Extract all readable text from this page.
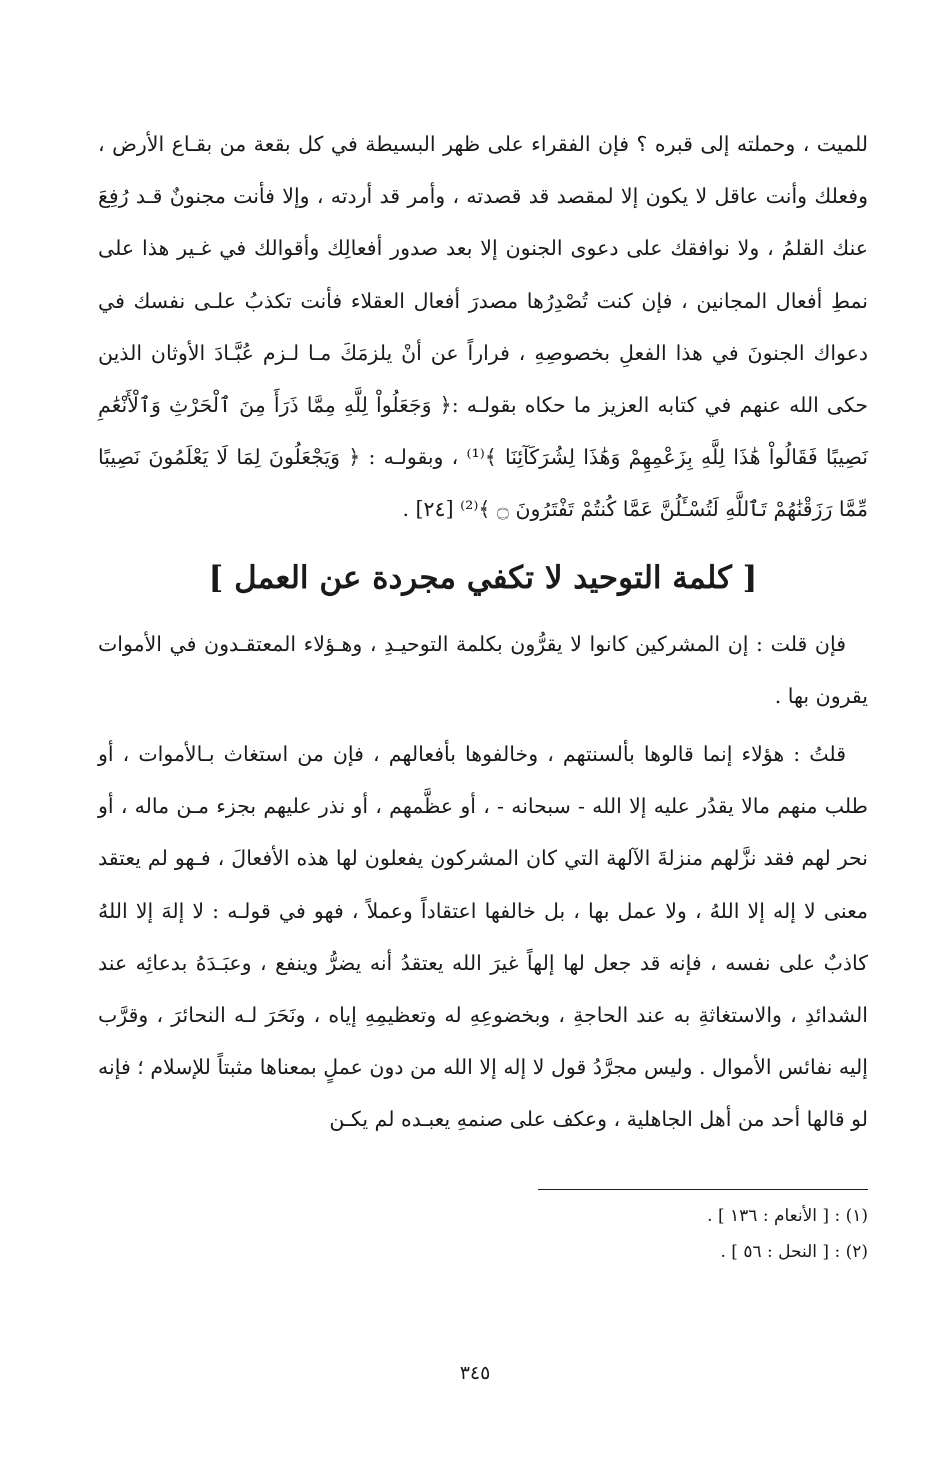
للميت ، وحملته إلى قبره ؟ فإن الفقراء على ظهر البسيطة في كل بقعة من بقـاع الأرض ، وفعلك وأنت عاقل لا يكون إلا لمقصد قد قصدته ، وأمر قد أردته ، وإلا فأنت مجنونٌ قـد رُفِعَ عنك القلمُ ، ولا نوافقك على دعوى الجنون إلا بعد صدور أفعالِك وأقوالك في غـير هذا على نمطِ أفعال المجانين ، فإن كنت تُصْدِرُها مصدرَ أفعال العقلاء فأنت تكذبُ علـى نفسك في دعواك الجنونَ في هذا الفعلِ بخصوصِهِ ، فراراً عن أنْ يلزمَكَ مـا لـزم عُبَّـادَ الأوثان الذين حكى الله عنهم في كتابه العزيز ما حكاه بقولـه :﴿ وَجَعَلُواْ لِلَّهِ مِمَّا ذَرَأَ مِنَ ٱلْحَرْثِ وَٱلْأَنْعَٰمِ نَصِيبًا فَقَالُواْ هَٰذَا لِلَّهِ بِزَعْمِهِمْ وَهَٰذَا لِشُرَكَآئِنَا ﴾⁽¹⁾ ، وبقولـه : ﴿ وَيَجْعَلُونَ لِمَا لَا يَعْلَمُونَ نَصِيبًا مِّمَّا رَزَقْنَٰهُمْ تَٱللَّهِ لَتُسْـَٔلُنَّ عَمَّا كُنتُمْ تَفْتَرُونَ ۝ ﴾⁽²⁾ [٢٤] .

[ كلمة التوحيد لا تكفي مجردة عن العمل ]

فإن قلت : إن المشركين كانوا لا يقرُّون بكلمة التوحيـدِ ، وهـؤلاء المعتقـدون في الأموات يقرون بها .

قلتُ : هؤلاء إنما قالوها بألسنتهم ، وخالفوها بأفعالهم ، فإن من استغاث بـالأموات ، أو طلب منهم مالا يقدُر عليه إلا الله - سبحانه - ، أو عظَّمهم ، أو نذر عليهم بجزء مـن ماله ، أو نحر لهم فقد نزَّلهم منزلةَ الآلهة التي كان المشركون يفعلون لها هذه الأفعالَ ، فـهو لم يعتقد معنى لا إله إلا اللهُ ، ولا عمل بها ، بل خالفها اعتقاداً وعملاً ، فهو في قولـه : لا إلهَ إلا اللهُ كاذبٌ على نفسه ، فإنه قد جعل لها إلهاً غيرَ الله يعتقدُ أنه يضرُّ وينفع ، وعبَـدَهُ بدعائِه عند الشدائدِ ، والاستغاثةِ به عند الحاجةِ ، وبخضوعِهِ له وتعظيمِهِ إياه ، ونَحَرَ لـه النحائرَ ، وقرَّب إليه نفائس الأموال . وليس مجرَّدُ قول لا إله إلا الله من دون عملٍ بمعناها مثبتاً للإسلام ؛ فإنه لو قالها أحد من أهل الجاهلية ، وعكف على صنمهِ يعبـده لم يكـن

(١) : [ الأنعام : ١٣٦ ] .

(٢) : [ النحل : ٥٦ ] .

٣٤٥
